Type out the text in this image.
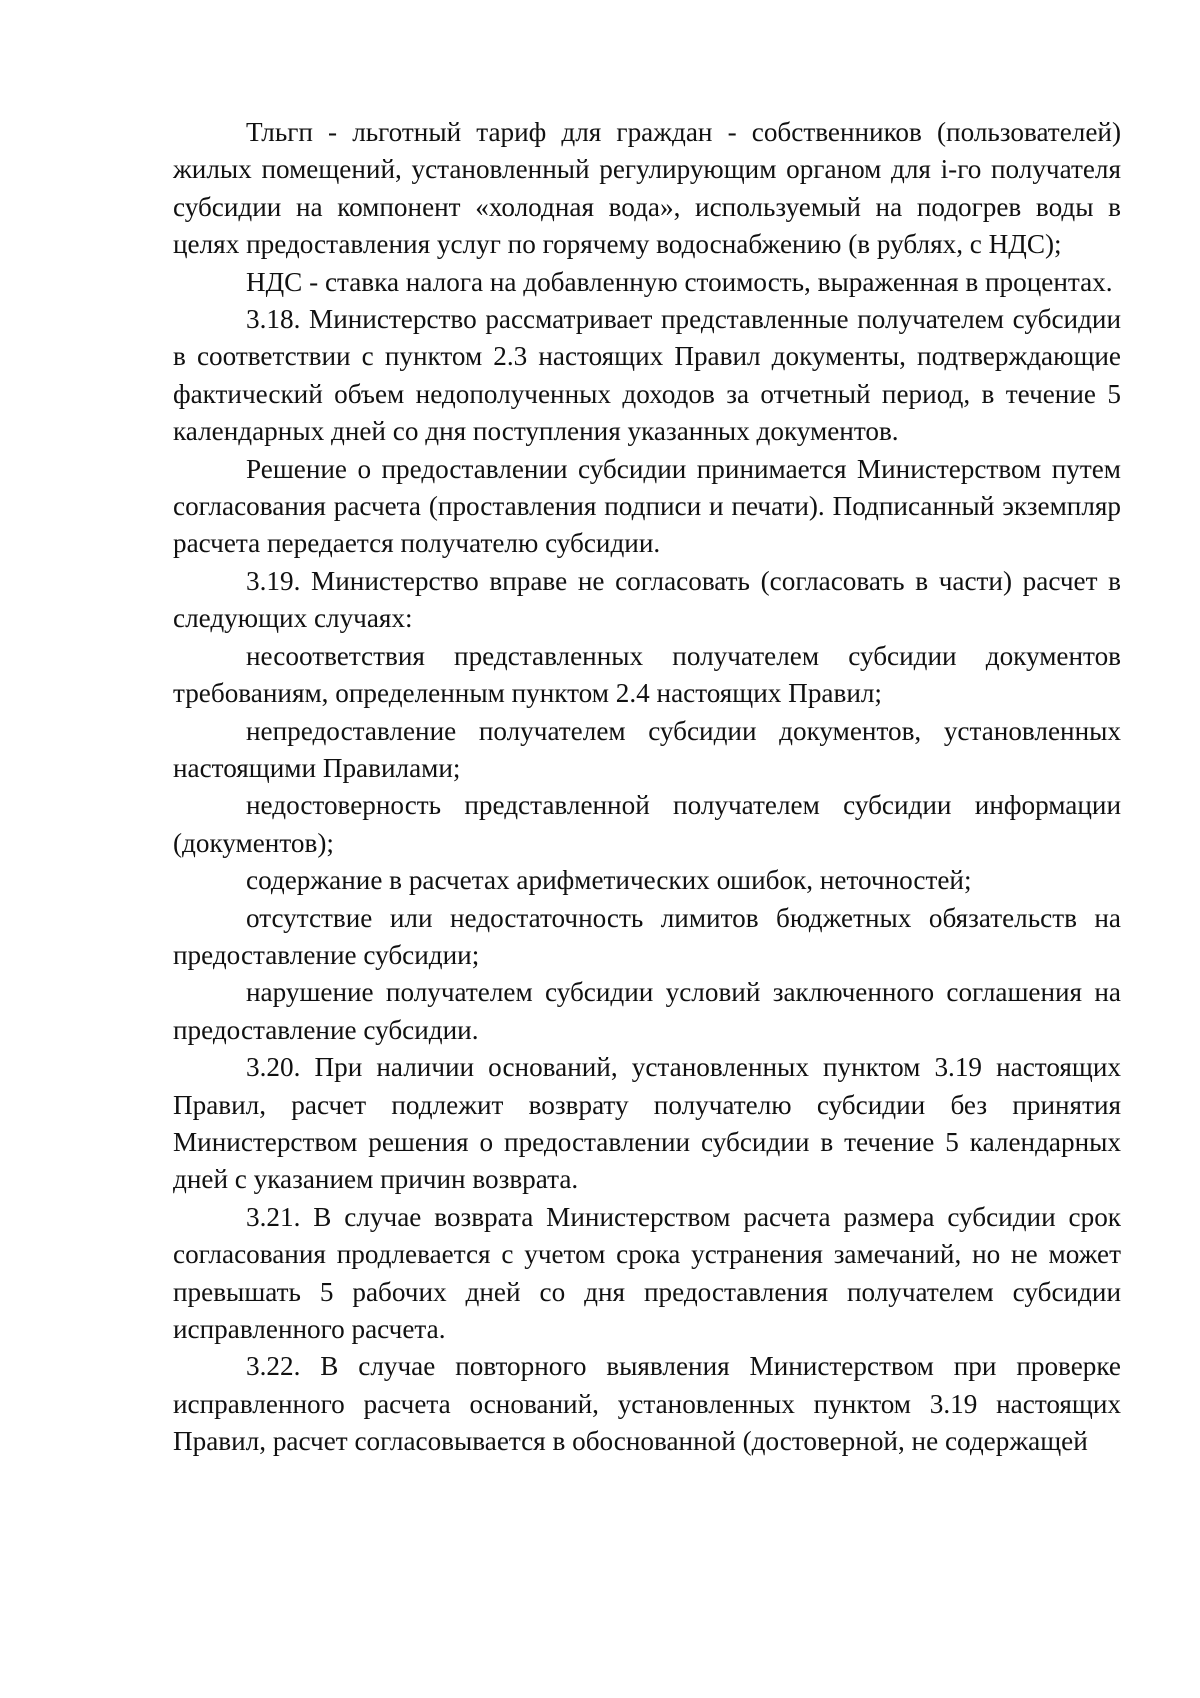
Тльгп - льготный тариф для граждан - собственников (пользователей) жилых помещений, установленный регулирующим органом для i-го получателя субсидии на компонент «холодная вода», используемый на подогрев воды в целях предоставления услуг по горячему водоснабжению (в рублях, с НДС);

НДС - ставка налога на добавленную стоимость, выраженная в процентах.

3.18. Министерство рассматривает представленные получателем субсидии в соответствии с пунктом 2.3 настоящих Правил документы, подтверждающие фактический объем недополученных доходов за отчетный период, в течение 5 календарных дней со дня поступления указанных документов.

Решение о предоставлении субсидии принимается Министерством путем согласования расчета (проставления подписи и печати). Подписанный экземпляр расчета передается получателю субсидии.

3.19. Министерство вправе не согласовать (согласовать в части) расчет в следующих случаях:

несоответствия представленных получателем субсидии документов требованиям, определенным пунктом 2.4 настоящих Правил;

непредоставление получателем субсидии документов, установленных настоящими Правилами;

недостоверность представленной получателем субсидии информации (документов);

содержание в расчетах арифметических ошибок, неточностей;

отсутствие или недостаточность лимитов бюджетных обязательств на предоставление субсидии;

нарушение получателем субсидии условий заключенного соглашения на предоставление субсидии.

3.20. При наличии оснований, установленных пунктом 3.19 настоящих Правил, расчет подлежит возврату получателю субсидии без принятия Министерством решения о предоставлении субсидии в течение 5 календарных дней с указанием причин возврата.

3.21. В случае возврата Министерством расчета размера субсидии срок согласования продлевается с учетом срока устранения замечаний, но не может превышать 5 рабочих дней со дня предоставления получателем субсидии исправленного расчета.

3.22. В случае повторного выявления Министерством при проверке исправленного расчета оснований, установленных пунктом 3.19 настоящих Правил, расчет согласовывается в обоснованной (достоверной, не содержащей
